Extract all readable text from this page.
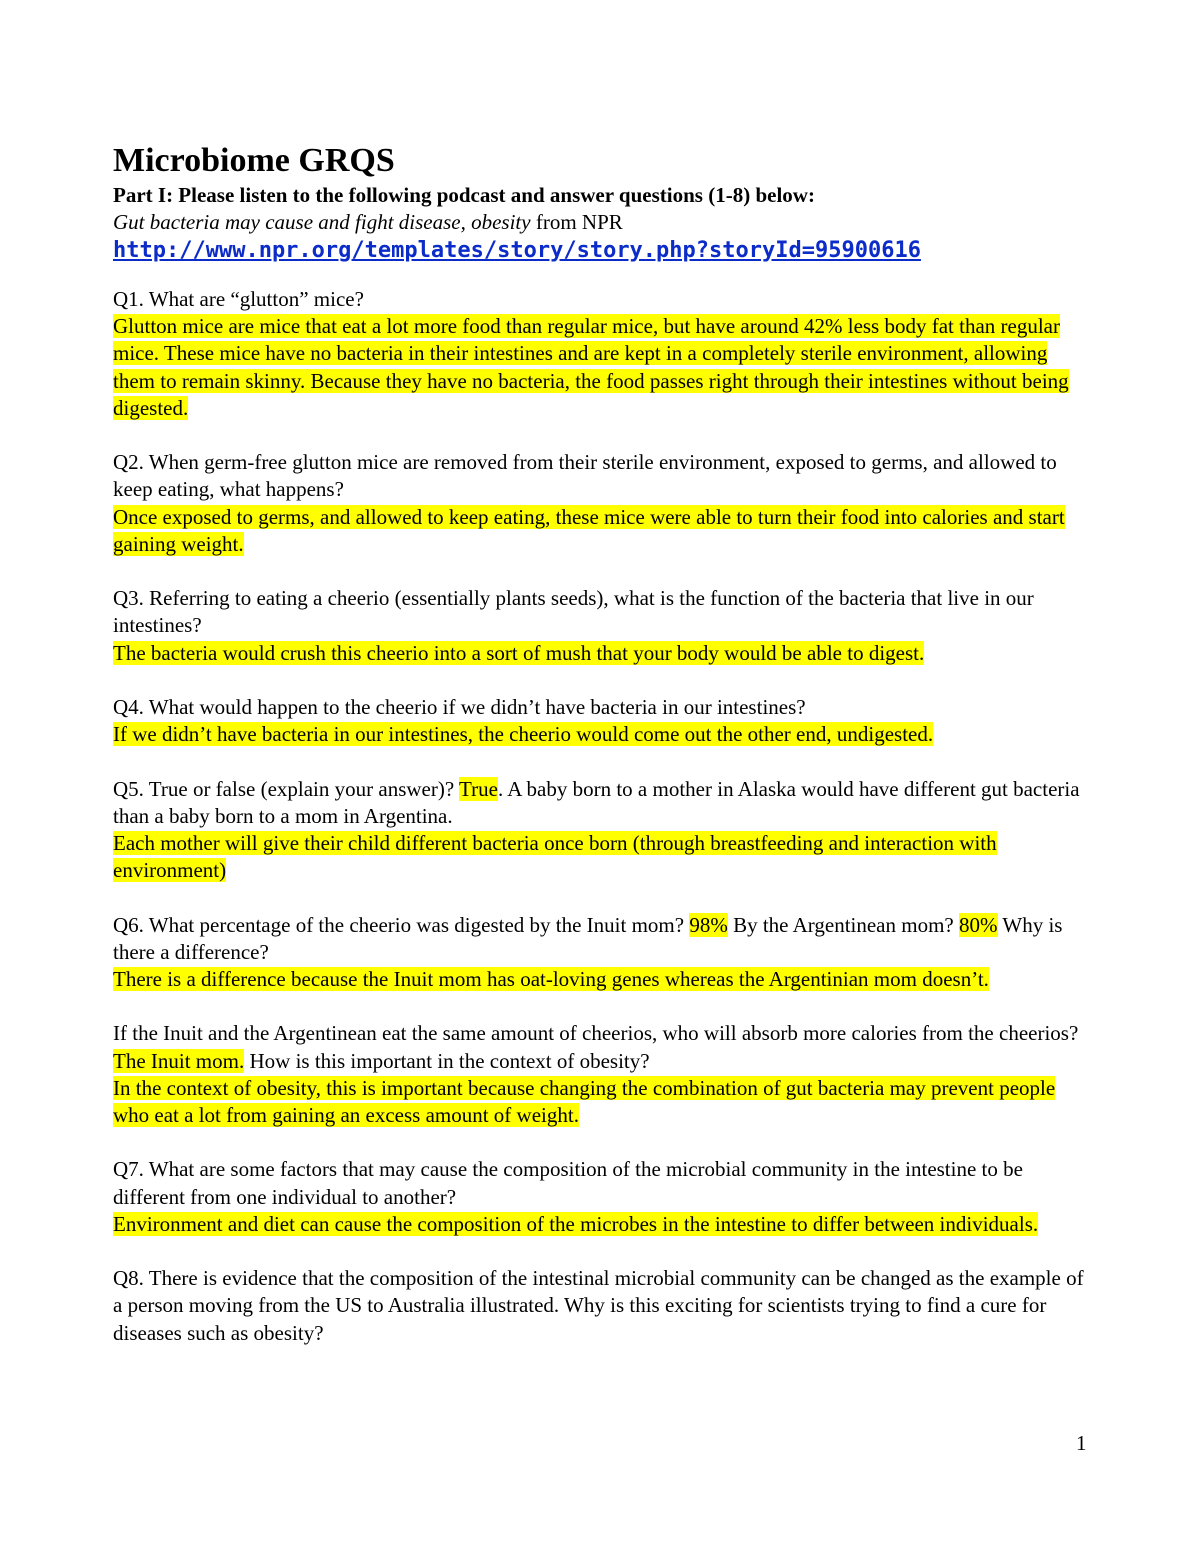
Microbiome GRQS

Part I: Please listen to the following podcast and answer questions (1-8) below:

Gut bacteria may cause and fight disease, obesity from NPR

http://www.npr.org/templates/story/story.php?storyId=95900616

Q1. What are “glutton” mice?

Glutton mice are mice that eat a lot more food than regular mice, but have around 42% less body fat than regular mice. These mice have no bacteria in their intestines and are kept in a completely sterile environment, allowing them to remain skinny. Because they have no bacteria, the food passes right through their intestines without being digested.

Q2. When germ-free glutton mice are removed from their sterile environment, exposed to germs, and allowed to keep eating, what happens?

Once exposed to germs, and allowed to keep eating, these mice were able to turn their food into calories and start gaining weight.

Q3. Referring to eating a cheerio (essentially plants seeds), what is the function of the bacteria that live in our intestines?

The bacteria would crush this cheerio into a sort of mush that your body would be able to digest.

Q4. What would happen to the cheerio if we didn’t have bacteria in our intestines?

If we didn’t have bacteria in our intestines, the cheerio would come out the other end, undigested.

Q5. True or false (explain your answer)? True. A baby born to a mother in Alaska would have different gut bacteria than a baby born to a mom in Argentina.

Each mother will give their child different bacteria once born (through breastfeeding and interaction with environment)

Q6. What percentage of the cheerio was digested by the Inuit mom? 98% By the Argentinean mom? 80% Why is there a difference?

There is a difference because the Inuit mom has oat-loving genes whereas the Argentinian mom doesn’t.

If the Inuit and the Argentinean eat the same amount of cheerios, who will absorb more calories from the cheerios? The Inuit mom. How is this important in the context of obesity?

In the context of obesity, this is important because changing the combination of gut bacteria may prevent people who eat a lot from gaining an excess amount of weight.

Q7. What are some factors that may cause the composition of the microbial community in the intestine to be different from one individual to another?

Environment and diet can cause the composition of the microbes in the intestine to differ between individuals.

Q8. There is evidence that the composition of the intestinal microbial community can be changed as the example of a person moving from the US to Australia illustrated. Why is this exciting for scientists trying to find a cure for diseases such as obesity?

1
